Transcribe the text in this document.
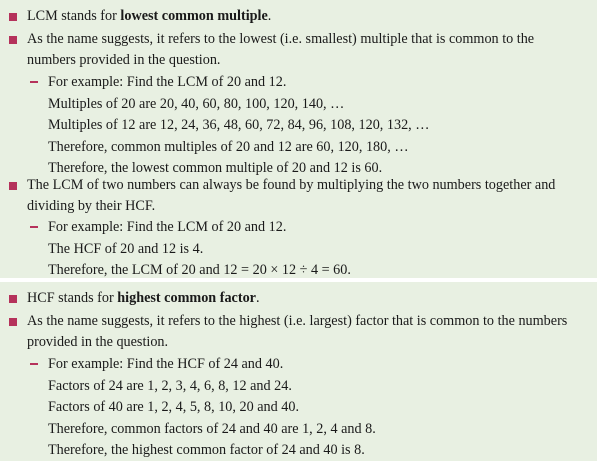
LCM stands for lowest common multiple.
As the name suggests, it refers to the lowest (i.e. smallest) multiple that is common to the
numbers provided in the question.
For example: Find the LCM of 20 and 12.
Multiples of 20 are 20, 40, 60, 80, 100, 120, 140, …
Multiples of 12 are 12, 24, 36, 48, 60, 72, 84, 96, 108, 120, 132, …
Therefore, common multiples of 20 and 12 are 60, 120, 180, …
Therefore, the lowest common multiple of 20 and 12 is 60.
The LCM of two numbers can always be found by multiplying the two numbers together and
dividing by their HCF.
For example: Find the LCM of 20 and 12.
The HCF of 20 and 12 is 4.
Therefore, the LCM of 20 and 12 = 20 × 12 ÷ 4 = 60.
HCF stands for highest common factor.
As the name suggests, it refers to the highest (i.e. largest) factor that is common to the numbers
provided in the question.
For example: Find the HCF of 24 and 40.
Factors of 24 are 1, 2, 3, 4, 6, 8, 12 and 24.
Factors of 40 are 1, 2, 4, 5, 8, 10, 20 and 40.
Therefore, common factors of 24 and 40 are 1, 2, 4 and 8.
Therefore, the highest common factor of 24 and 40 is 8.
